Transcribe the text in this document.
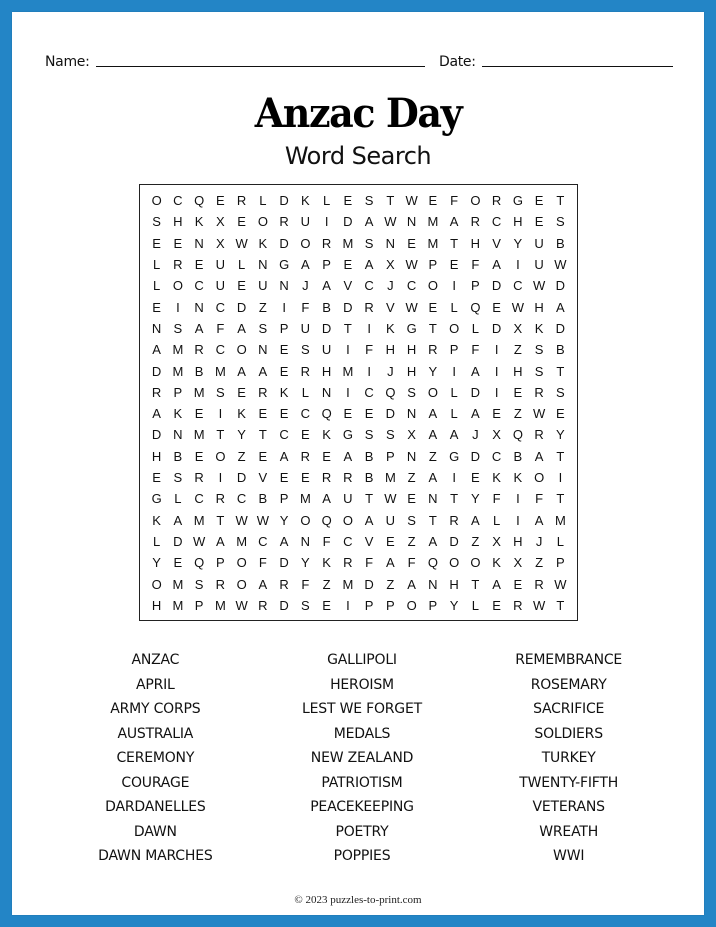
Name:	Date:
Anzac Day
Word Search
O C Q E R L D K	L	E S T W E F O R G E T
S H K X E O R U	I	D A W N M A R C H E S
E E N X W K D O R M S N E M T H V Y U B
L R E U L N G A P E A X W P E F A	I	U W
L O C U E U N	J	A V C	J	C O	I	P D C W D
E	I	N C D Z	I	F B D R V W E	L Q E W H A
N S A F A S P U D T	I	K G T O L D X K D
A M R C O N E S U	I	F H H R P F	I	Z S B
D M B M A A E R H M	I	J	H Y	I	A	I	H S T
R P M S E R K	L N	I	C Q S O L D	I	E R S
A K E	I	K E E C Q E E D N A	L	A E Z W E
D N M T Y T C E K G S S X A A	J	X Q R Y
H B E O Z E A R E A B P N Z G D C B A T
E S R	I	D V E E R R B M Z A	I	E K K O	I
G L C R C B P M A U T W E N T Y F	I	F	T
K A M T W W Y O Q O A U S T R A	L	I	A M
L D W A M C A N F C V E Z A D Z X H	J	L
Y E Q P O F D Y K R F A F Q O O K X Z P
O M S R O A R F	Z M D Z A N H T A E R W
H M P M W R D S E	I	P P O P Y	L	E R W T
ANZAC
APRIL
ARMY CORPS
AUSTRALIA
CEREMONY
COURAGE
DARDANELLES
DAWN
DAWN MARCHES
GALLIPOLI
HEROISM
LEST WE FORGET
MEDALS
NEW ZEALAND
PATRIOTISM
PEACEKEEPING
POETRY
POPPIES
REMEMBRANCE
ROSEMARY
SACRIFICE
SOLDIERS
TURKEY
TWENTY-FIFTH
VETERANS
WREATH
WWI
© 2023 puzzles-to-print.com
